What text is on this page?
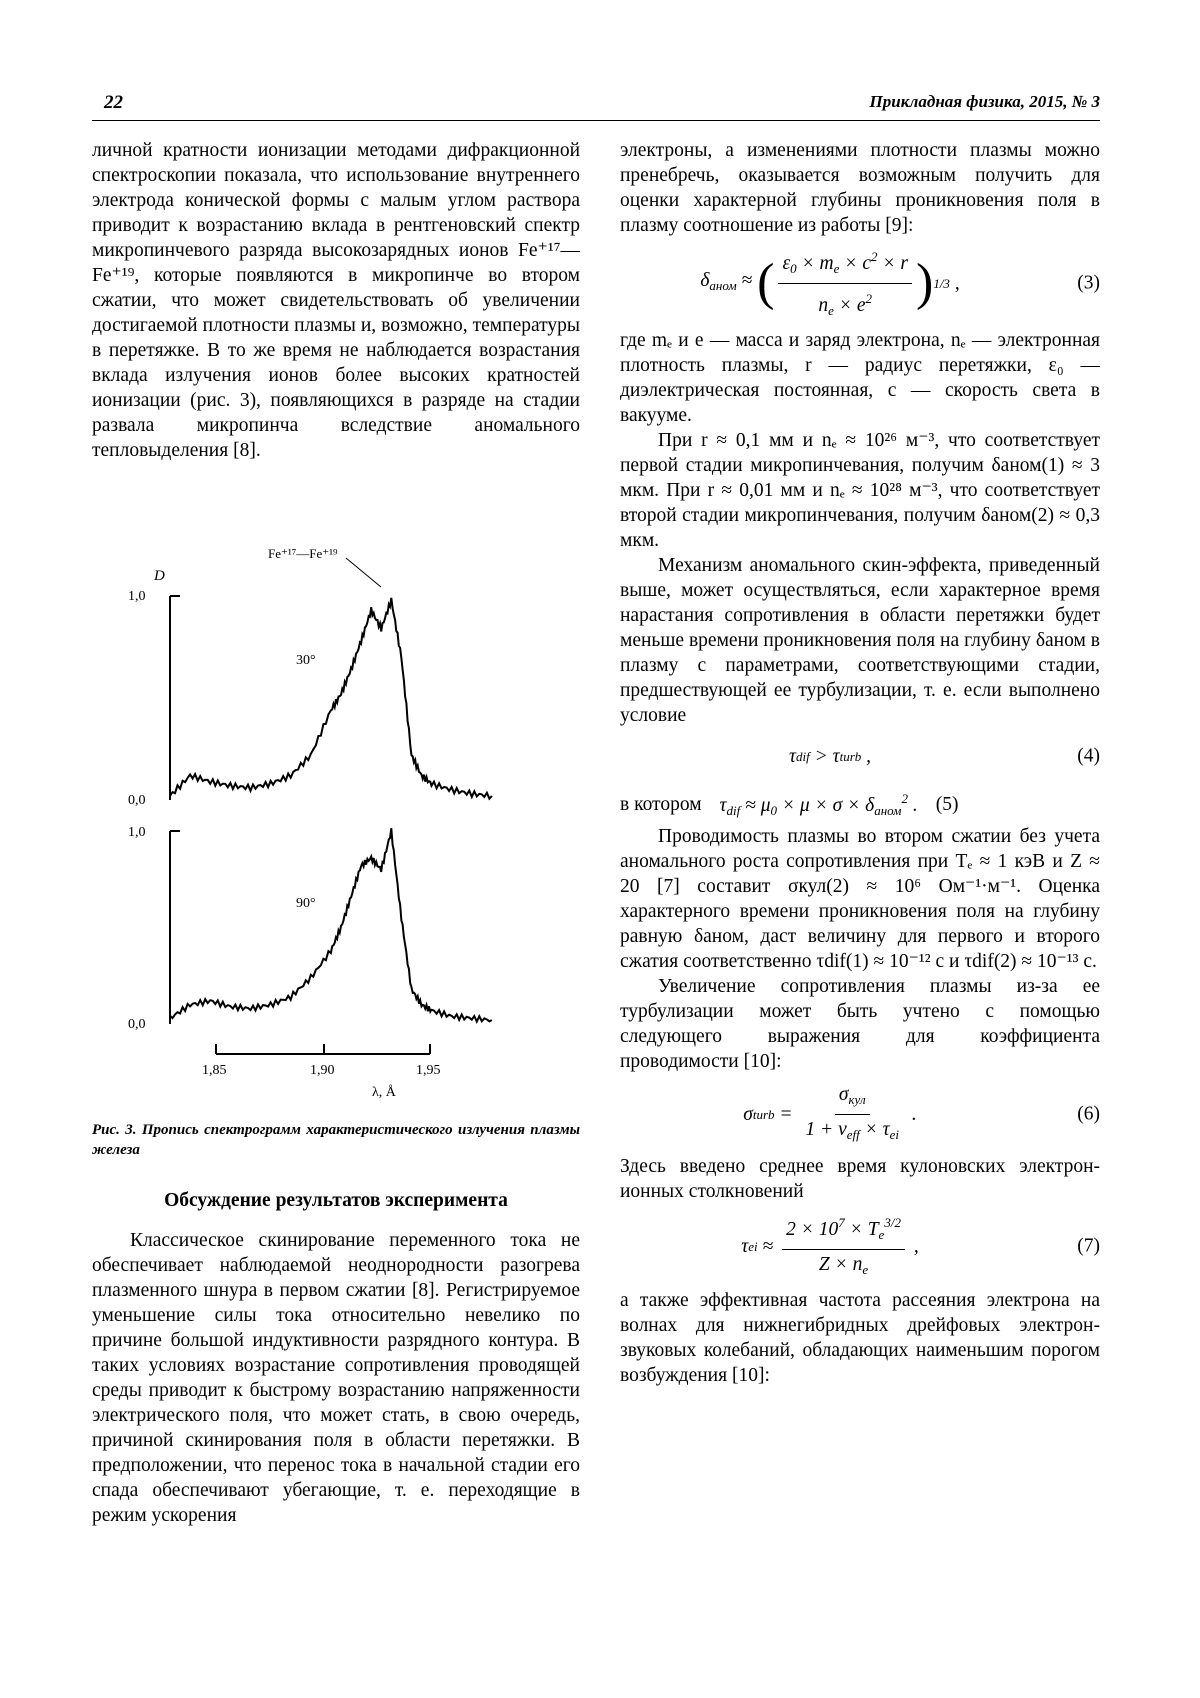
22	Прикладная физика, 2015, № 3

личной кратности ионизации методами дифракционной спектроскопии показала, что использование внутреннего электрода конической формы с малым углом раствора приводит к возрастанию вклада в рентгеновский спектр микропинчевого разряда высокозарядных ионов Fe⁺¹⁷— Fe⁺¹⁹, которые появляются в микропинче во втором сжатии, что может свидетельствовать об увеличении достигаемой плотности плазмы и, возможно, температуры в перетяжке. В то же время не наблюдается возрастания вклада излучения ионов более высоких кратностей ионизации (рис. 3), появляющихся в разряде на стадии развала микропинча вследствие аномального тепловыделения [8].

Fe⁺¹⁷—Fe⁺¹⁹
D
1,0
0,0
1,0
0,0
30°
90°
1,85	1,90	1,95
λ, Å
Рис. 3. Пропись спектрограмм характеристического излучения плазмы железа
Обсуждение результатов эксперимента

Классическое скинирование переменного тока не обеспечивает наблюдаемой неоднородности разогрева плазменного шнура в первом сжатии [8]. Регистрируемое уменьшение силы тока относительно невелико по причине большой индуктивности разрядного контура. В таких условиях возрастание сопротивления проводящей среды приводит к быстрому возрастанию напряженности электрического поля, что может стать, в свою очередь, причиной скинирования поля в области перетяжки. В предположении, что перенос тока в начальной стадии его спада обеспечивают убегающие, т. е. переходящие в режим ускорения

электроны, а изменениями плотности плазмы можно пренебречь, оказывается возможным получить для оценки характерной глубины проникновения поля в плазму соотношение из работы [9]:

$\delta_{аном}$ ≈ ( $\frac{\varepsilon_0 \times m_e \times c^2 \times r}{n_e \times e^2}$ ) 1/3 ,	(3)

где mₑ и e — масса и заряд электрона, nₑ — электронная плотность плазмы, r — радиус перетяжки, ε₀ — диэлектрическая постоянная, c — скорость света в вакууме.

При r ≈ 0,1 мм и nₑ ≈ 10²⁶ м⁻³, что соответствует первой стадии микропинчевания, получим δаном(1) ≈ 3 мкм. При r ≈ 0,01 мм и nₑ ≈ 10²⁸ м⁻³, что соответствует второй стадии микропинчевания, получим δаном(2) ≈ 0,3 мкм.

Механизм аномального скин-эффекта, приведенный выше, может осуществляться, если характерное время нарастания сопротивления в области перетяжки будет меньше времени проникновения поля на глубину δаном в плазму с параметрами, соответствующими стадии, предшествующей ее турбулизации, т. е. если выполнено условие

τ dif > τ turb ,	(4)
в котором $\tau_{dif} \approx \mu_0 \times \mu \times \sigma \times \delta_{аном}^2$ . (5)

Проводимость плазмы во втором сжатии без учета аномального роста сопротивления при Tₑ ≈ 1 кэВ и Z ≈ 20 [7] составит σкул(2) ≈ 10⁶ Ом⁻¹·м⁻¹. Оценка характерного времени проникновения поля на глубину равную δаном, даст величину для первого и второго сжатия соответственно τdif(1) ≈ 10⁻¹² с и τdif(2) ≈ 10⁻¹³ с.

Увеличение сопротивления плазмы из-за ее турбулизации может быть учтено с помощью следующего выражения для коэффициента проводимости [10]:

σ turb = $\frac{\sigma_{кул}}{1 + \nu_{eff} \times \tau_{ei}}$ .	(6)

Здесь введено среднее время кулоновских электрон-ионных столкновений

τ ei ≈ $\frac{2 \times 10^7 \times T_e^{3/2}}{Z \times n_e}$ ,	(7)

а также эффективная частота рассеяния электрона на волнах для нижнегибридных дрейфовых электрон-звуковых колебаний, обладающих наименьшим порогом возбуждения [10]:
